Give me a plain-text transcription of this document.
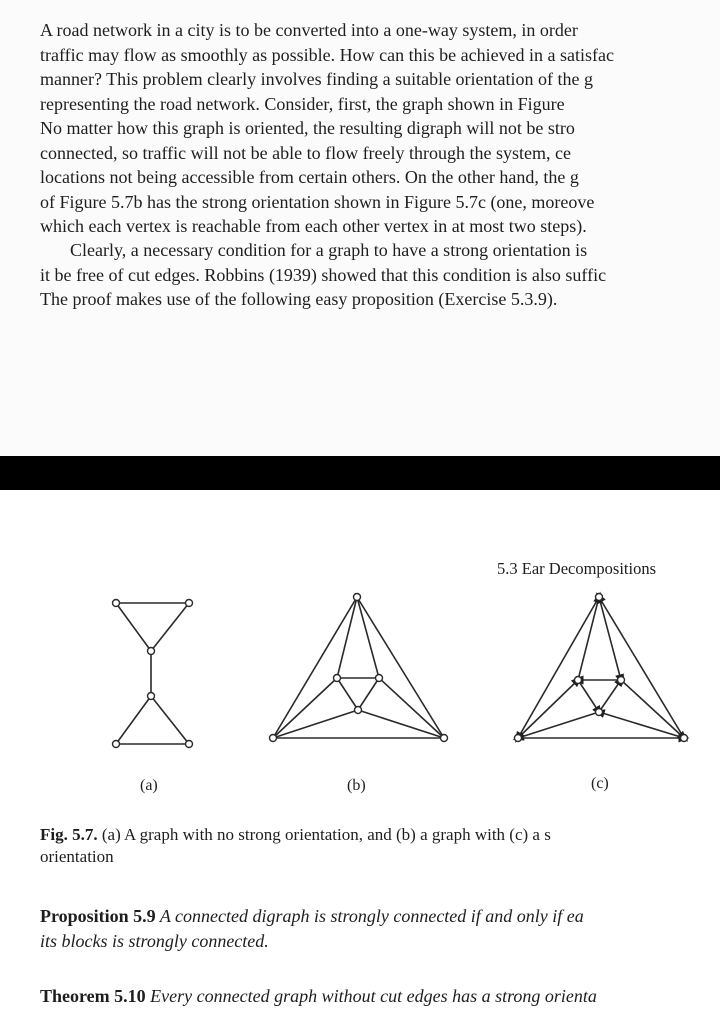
A road network in a city is to be converted into a one-way system, in order
traffic may flow as smoothly as possible. How can this be achieved in a satisfac
manner? This problem clearly involves finding a suitable orientation of the g
representing the road network. Consider, first, the graph shown in Figure
No matter how this graph is oriented, the resulting digraph will not be stro
connected, so traffic will not be able to flow freely through the system, ce
locations not being accessible from certain others. On the other hand, the g
of Figure 5.7b has the strong orientation shown in Figure 5.7c (one, moreove
which each vertex is reachable from each other vertex in at most two steps).
Clearly, a necessary condition for a graph to have a strong orientation is
it be free of cut edges. Robbins (1939) showed that this condition is also suffic
The proof makes use of the following easy proposition (Exercise 5.3.9).
5.3 Ear Decompositions
(a)	(b)	(c)
Fig. 5.7. (a) A graph with no strong orientation, and (b) a graph with (c) a s
orientation
Proposition 5.9 A connected digraph is strongly connected if and only if ea
its blocks is strongly connected.
Theorem 5.10 Every connected graph without cut edges has a strong orienta
